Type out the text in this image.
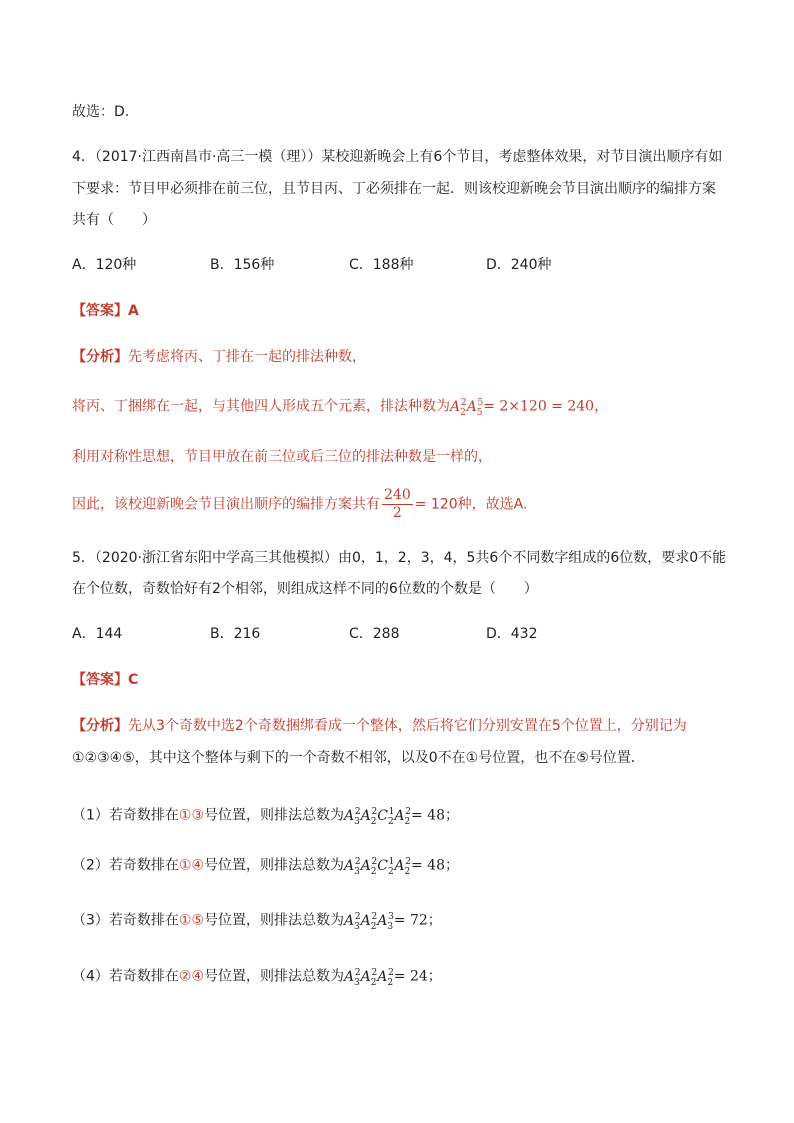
故选：D.
4．（2017·江西南昌市·高三一模（理））某校迎新晚会上有6个节目，考虑整体效果，对节目演出顺序有如
下要求：节目甲必须排在前三位，且节目丙、丁必须排在一起．则该校迎新晚会节目演出顺序的编排方案
共有（　　）
A．120种	B．156种	C．188种	D．240种
【答案】A
【分析】先考虑将丙、丁排在一起的排法种数，
将丙、丁捆绑在一起，与其他四人形成五个元素，排法种数为$A_2^2A_5^5= 2\times 120 = 240$，
利用对称性思想，节目甲放在前三位或后三位的排法种数是一样的，
因此，该校迎新晚会节目演出顺序的编排方案共有 $\frac{240}{2} = 120$种，故选A.
5．（2020·浙江省东阳中学高三其他模拟）由0，1，2，3，4，5共6个不同数字组成的6位数，要求0不能
在个位数，奇数恰好有2个相邻，则组成这样不同的6位数的个数是（　　）
A．144	B．216	C．288	D．432
【答案】C
【分析】先从3个奇数中选2个奇数捆绑看成一个整体，然后将它们分别安置在5个位置上，分别记为
①②③④⑤，其中这个整体与剩下的一个奇数不相邻，以及0不在①号位置，也不在⑤号位置．
（1）若奇数排在①③号位置，则排法总数为$A_3^2A_2^2C_2^1A_2^2= 48$；
（2）若奇数排在①④号位置，则排法总数为$A_3^2A_2^2C_2^1A_2^2= 48$；
（3）若奇数排在①⑤号位置，则排法总数为$A_3^2A_2^2A_3^3= 72$；
（4）若奇数排在②④号位置，则排法总数为$A_3^2A_2^2A_2^2= 24$；
